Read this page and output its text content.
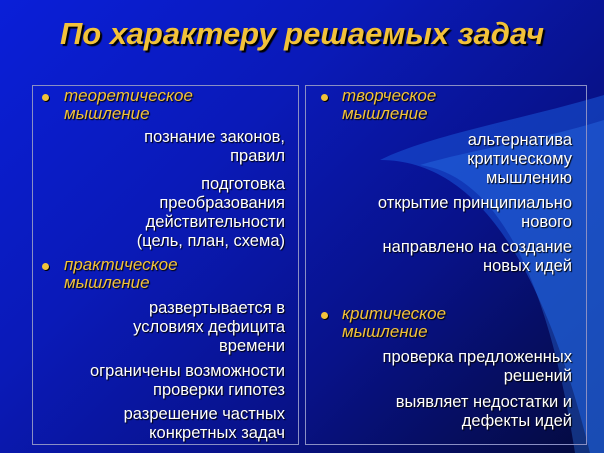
По характеру решаемых задач
теоретическое
мышление
познание законов,
правил
подготовка
преобразования
действительности
(цель, план, схема)
практическое
мышление
развертывается в
условиях дефицита
времени
ограничены возможности
проверки гипотез
разрешение частных
конкретных задач
творческое
мышление
альтернатива
критическому
мышлению
открытие принципиально
нового
направлено на создание
новых идей
критическое
мышление
проверка предложенных
решений
выявляет недостатки и
дефекты идей
